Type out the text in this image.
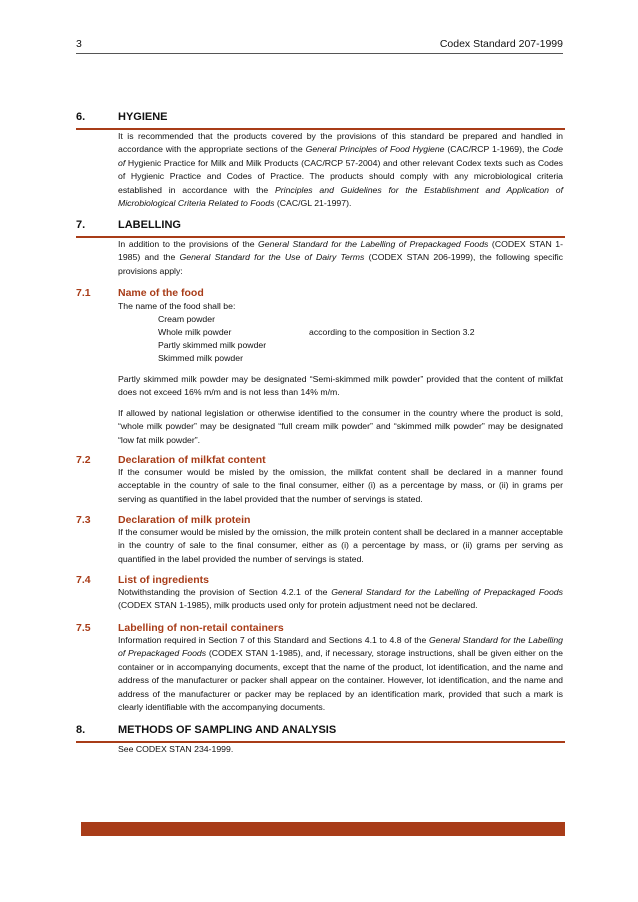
3	Codex Standard 207-1999
6.	HYGIENE

It is recommended that the products covered by the provisions of this standard be prepared and handled in accordance with the appropriate sections of the General Principles of Food Hygiene (CAC/RCP 1-1969), the Code of Hygienic Practice for Milk and Milk Products (CAC/RCP 57-2004) and other relevant Codex texts such as Codes of Hygienic Practice and Codes of Practice. The products should comply with any microbiological criteria established in accordance with the Principles and Guidelines for the Establishment and Application of Microbiological Criteria Related to Foods (CAC/GL 21-1997).

7.	LABELLING

In addition to the provisions of the General Standard for the Labelling of Prepackaged Foods (CODEX STAN 1-1985) and the General Standard for the Use of Dairy Terms (CODEX STAN 206-1999), the following specific provisions apply:

7.1	Name of the food
The name of the food shall be:
Cream powder
Whole milk powder	according to the composition in Section 3.2
Partly skimmed milk powder
Skimmed milk powder

Partly skimmed milk powder may be designated “Semi-skimmed milk powder” provided that the content of milkfat does not exceed 16% m/m and is not less than 14% m/m.

If allowed by national legislation or otherwise identified to the consumer in the country where the product is sold, “whole milk powder” may be designated “full cream milk powder” and “skimmed milk powder” may be designated “low fat milk powder”.

7.2	Declaration of milkfat content

If the consumer would be misled by the omission, the milkfat content shall be declared in a manner found acceptable in the country of sale to the final consumer, either (i) as a percentage by mass, or (ii) in grams per serving as quantified in the label provided that the number of servings is stated.

7.3	Declaration of milk protein

If the consumer would be misled by the omission, the milk protein content shall be declared in a manner acceptable in the country of sale to the final consumer, either as (i) a percentage by mass, or (ii) grams per serving as quantified in the label provided the number of servings is stated.

7.4	List of ingredients

Notwithstanding the provision of Section 4.2.1 of the General Standard for the Labelling of Prepackaged Foods (CODEX STAN 1-1985), milk products used only for protein adjustment need not be declared.

7.5	Labelling of non-retail containers

Information required in Section 7 of this Standard and Sections 4.1 to 4.8 of the General Standard for the Labelling of Prepackaged Foods (CODEX STAN 1-1985), and, if necessary, storage instructions, shall be given either on the container or in accompanying documents, except that the name of the product, lot identification, and the name and address of the manufacturer or packer shall appear on the container. However, lot identification, and the name and address of the manufacturer or packer may be replaced by an identification mark, provided that such a mark is clearly identifiable with the accompanying documents.

8.	METHODS OF SAMPLING AND ANALYSIS
See CODEX STAN 234-1999.
